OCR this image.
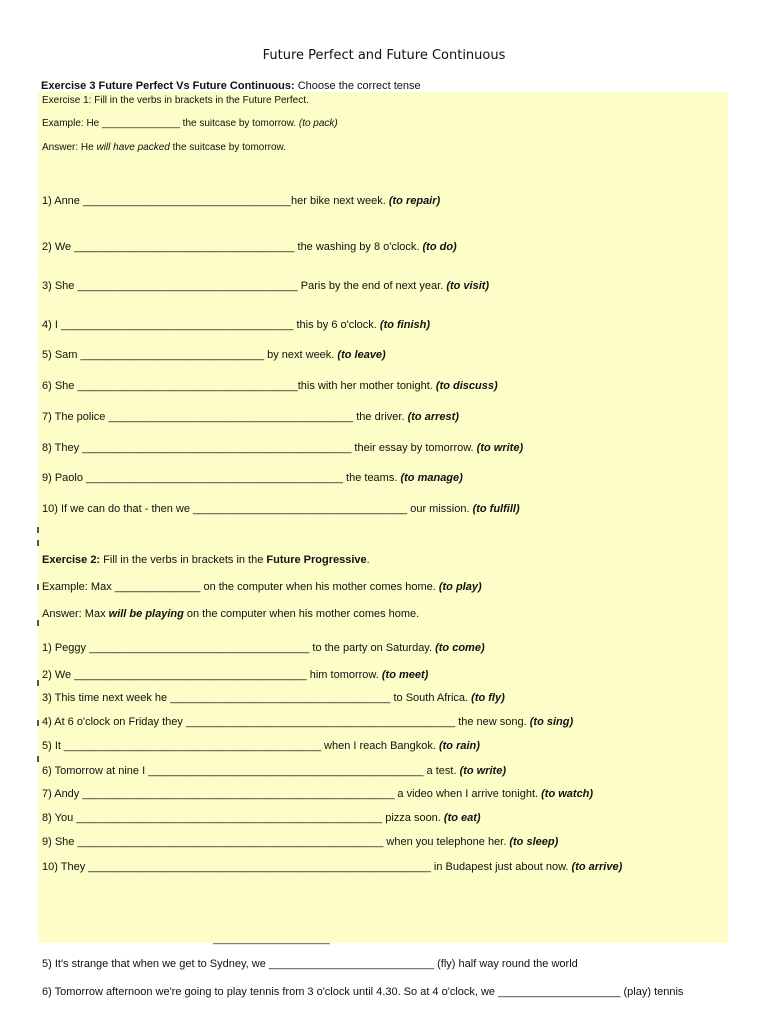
Future Perfect and Future Continuous
Exercise 3 Future Perfect Vs Future Continuous: Choose the correct tense
Exercise 1: Fill in the verbs in brackets in the Future Perfect.
Example: He ______________ the suitcase by tomorrow. (to pack)
Answer: He will have packed the suitcase by tomorrow.
1) Anne __________________________________her bike next week. (to repair)
2) We ____________________________________ the washing by 8 o'clock. (to do)
3) She ____________________________________ Paris by the end of next year. (to visit)
4) I ______________________________________ this by 6 o'clock. (to finish)
5) Sam ______________________________ by next week. (to leave)
6) She ____________________________________this with her mother tonight. (to discuss)
7) The police ________________________________________ the driver. (to arrest)
8) They ____________________________________________ their essay by tomorrow. (to write)
9) Paolo __________________________________________ the teams. (to manage)
10) If we can do that - then we ___________________________________ our mission. (to fulfill)
Exercise 2: Fill in the verbs in brackets in the Future Progressive.
Example: Max ______________ on the computer when his mother comes home. (to play)
Answer: Max will be playing on the computer when his mother comes home.
1) Peggy ____________________________________ to the party on Saturday. (to come)
2) We ______________________________________ him tomorrow. (to meet)
3) This time next week he ____________________________________ to South Africa. (to fly)
4) At 6 o'clock on Friday they ____________________________________________ the new song. (to sing)
5) It __________________________________________ when I reach Bangkok. (to rain)
6) Tomorrow at nine I _____________________________________________ a test. (to write)
7) Andy ___________________________________________________ a video when I arrive tonight. (to watch)
8) You __________________________________________________ pizza soon. (to eat)
9) She __________________________________________________ when you telephone her. (to sleep)
10) They ________________________________________________________ in Budapest just about now. (to arrive)
_____________________
5) It's strange that when we get to Sydney, we ___________________________ (fly) half way round the world
6) Tomorrow afternoon we're going to play tennis from 3 o'clock until 4.30. So at 4 o'clock, we ____________________ (play) tennis
